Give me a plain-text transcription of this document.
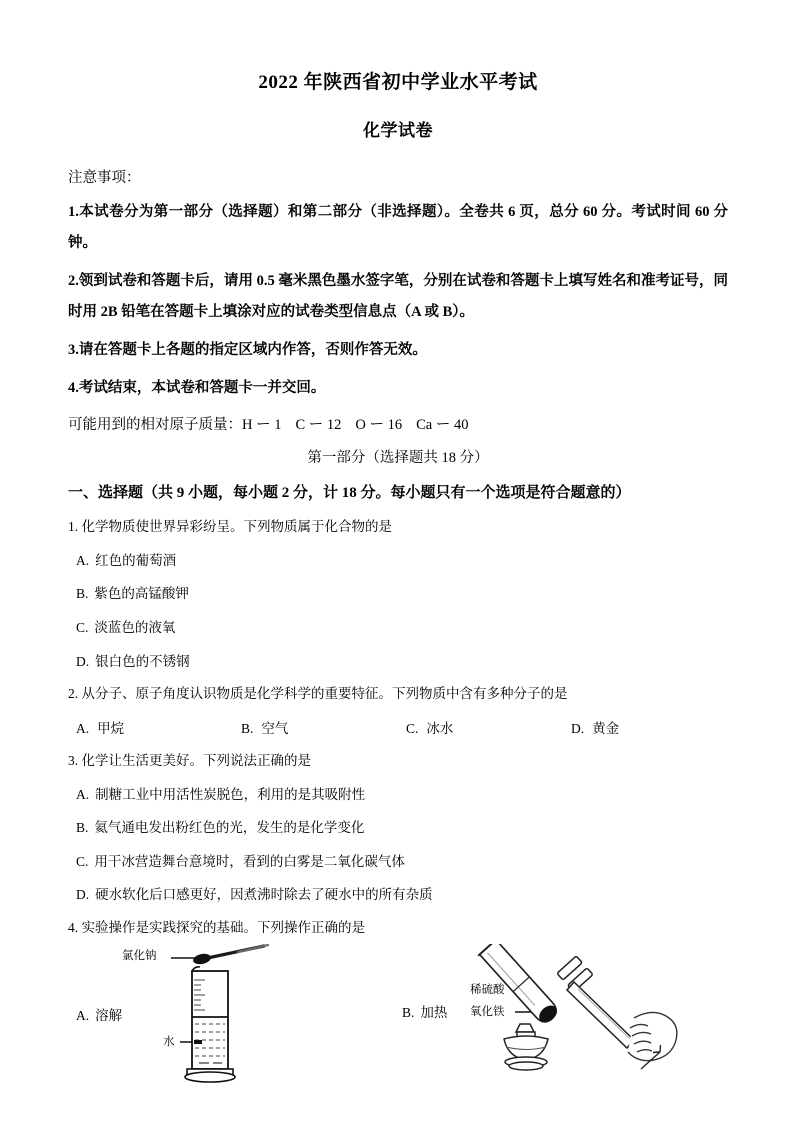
2022 年陕西省初中学业水平考试
化学试卷

注意事项：

1.本试卷分为第一部分（选择题）和第二部分（非选择题）。全卷共 6 页，总分 60 分。考试时间 60 分钟。

2.领到试卷和答题卡后，请用 0.5 毫米黑色墨水签字笔，分别在试卷和答题卡上填写姓名和准考证号，同时用 2B 铅笔在答题卡上填涂对应的试卷类型信息点（A 或 B）。

3.请在答题卡上各题的指定区域内作答，否则作答无效。

4.考试结束，本试卷和答题卡一并交回。

可能用到的相对原子质量：H ー 1 C ー 12 O ー 16 Ca ー 40

第一部分（选择题共 18 分）

一、选择题（共 9 小题，每小题 2 分，计 18 分。每小题只有一个选项是符合题意的）

1. 化学物质使世界异彩纷呈。下列物质属于化合物的是

A. 红色的葡萄酒

B. 紫色的高锰酸钾

C. 淡蓝色的液氧

D. 银白色的不锈钢

2. 从分子、原子角度认识物质是化学科学的重要特征。下列物质中含有多种分子的是

A. 甲烷	B. 空气	C. 冰水	D. 黄金

3. 化学让生活更美好。下列说法正确的是

A. 制糖工业中用活性炭脱色，利用的是其吸附性

B. 氦气通电发出粉红色的光，发生的是化学变化

C. 用干冰营造舞台意境时，看到的白雾是二氧化碳气体

D. 硬水软化后口感更好，因煮沸时除去了硬水中的所有杂质

4. 实验操作是实践探究的基础。下列操作正确的是

A. 溶解
氯化钠
水
B. 加热
稀硫酸
氧化铁
